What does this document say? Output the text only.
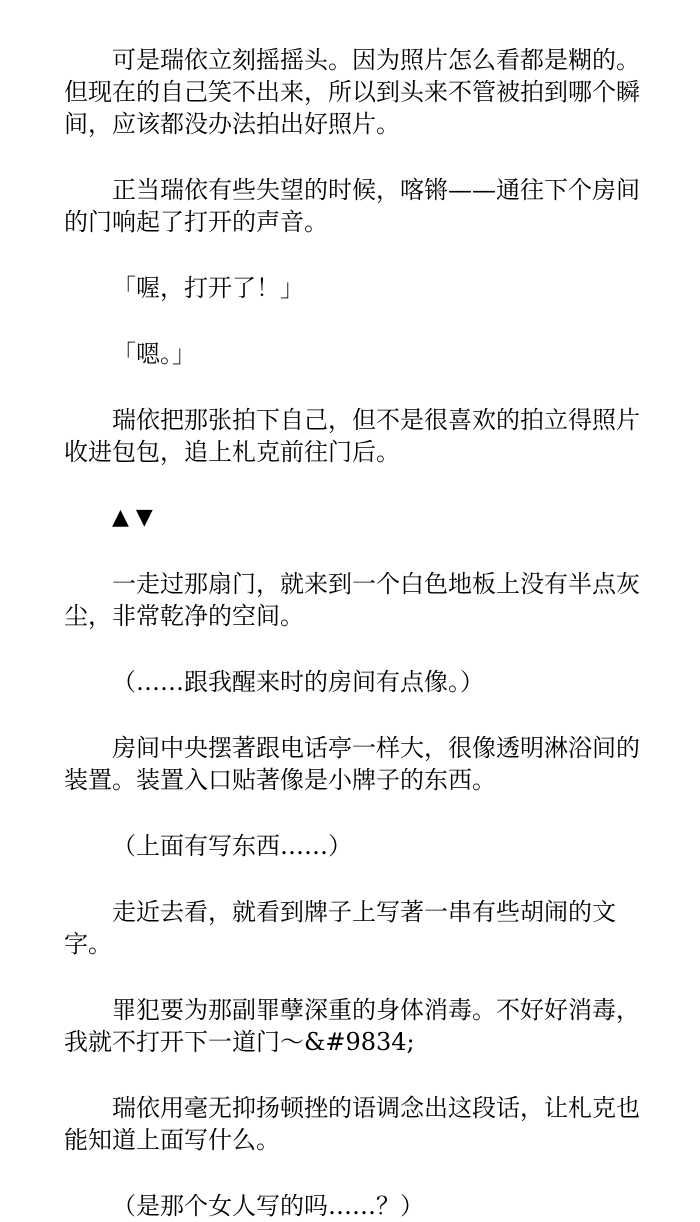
可是瑞依立刻摇摇头。因为照片怎么看都是糊的。但现在的自己笑不出来，所以到头来不管被拍到哪个瞬间，应该都没办法拍出好照片。

正当瑞依有些失望的时候，喀锵——通往下个房间的门响起了打开的声音。

「喔，打开了！」

「嗯。」

瑞依把那张拍下自己，但不是很喜欢的拍立得照片收进包包，追上札克前往门后。

▲ ▼

一走过那扇门，就来到一个白色地板上没有半点灰尘，非常乾净的空间。

（……跟我醒来时的房间有点像。）

房间中央摆著跟电话亭一样大，很像透明淋浴间的装置。装置入口贴著像是小牌子的东西。

（上面有写东西……）

走近去看，就看到牌子上写著一串有些胡闹的文字。

罪犯要为那副罪孽深重的身体消毒。不好好消毒，我就不打开下一道门～&#9834;

瑞依用毫无抑扬顿挫的语调念出这段话，让札克也能知道上面写什么。

（是那个女人写的吗……？）
